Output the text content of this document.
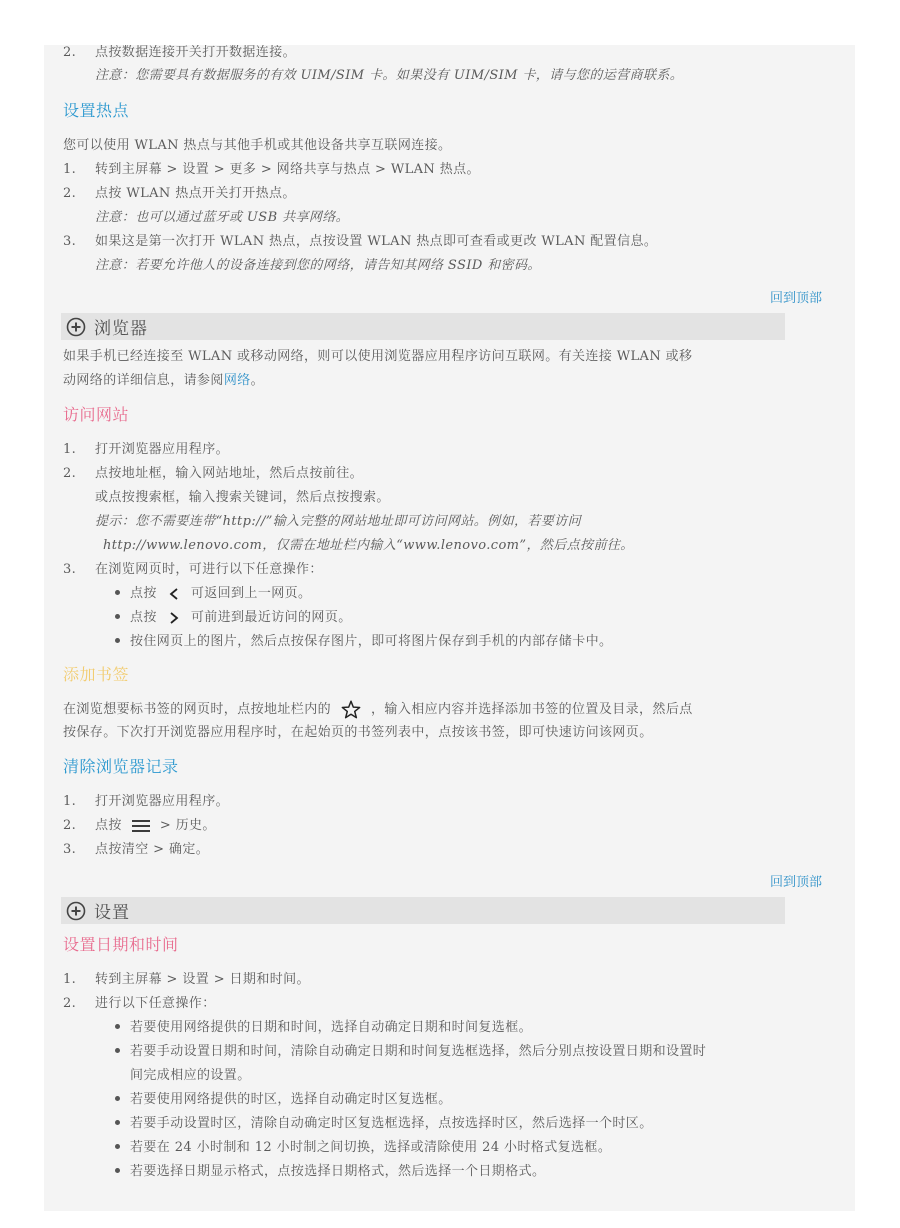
2. 点按数据连接开关打开数据连接。
注意：您需要具有数据服务的有效 UIM/SIM 卡。如果没有 UIM/SIM 卡，请与您的运营商联系。
设置热点
您可以使用 WLAN 热点与其他手机或其他设备共享互联网连接。
1. 转到主屏幕 > 设置 > 更多 > 网络共享与热点 > WLAN 热点。
2. 点按 WLAN 热点开关打开热点。
注意：也可以通过蓝牙或 USB 共享网络。
3. 如果这是第一次打开 WLAN 热点，点按设置 WLAN 热点即可查看或更改 WLAN 配置信息。
注意：若要允许他人的设备连接到您的网络，请告知其网络 SSID 和密码。
回到顶部
浏览器
如果手机已经连接至 WLAN 或移动网络，则可以使用浏览器应用程序访问互联网。有关连接 WLAN 或移
动网络的详细信息，请参阅网络。
访问网站
1. 打开浏览器应用程序。
2. 点按地址框，输入网站地址，然后点按前往。
或点按搜索框，输入搜索关键词，然后点按搜索。
提示：您不需要连带“http://”输入完整的网站地址即可访问网站。例如，若要访问
http://www.lenovo.com，仅需在地址栏内输入“www.lenovo.com”，然后点按前往。
3. 在浏览网页时，可进行以下任意操作：
点按	可返回到上一网页。
点按	可前进到最近访问的网页。
按住网页上的图片，然后点按保存图片，即可将图片保存到手机的内部存储卡中。
添加书签
在浏览想要标书签的网页时，点按地址栏内的	，输入相应内容并选择添加书签的位置及目录，然后点
按保存。下次打开浏览器应用程序时，在起始页的书签列表中，点按该书签，即可快速访问该网页。
清除浏览器记录
1. 打开浏览器应用程序。
2. 点按	> 历史。
3. 点按清空 > 确定。
回到顶部
设置
设置日期和时间
1. 转到主屏幕 > 设置 > 日期和时间。
2. 进行以下任意操作：
若要使用网络提供的日期和时间，选择自动确定日期和时间复选框。
若要手动设置日期和时间，清除自动确定日期和时间复选框选择，然后分别点按设置日期和设置时
间完成相应的设置。
若要使用网络提供的时区，选择自动确定时区复选框。
若要手动设置时区，清除自动确定时区复选框选择，点按选择时区，然后选择一个时区。
若要在 24 小时制和 12 小时制之间切换，选择或清除使用 24 小时格式复选框。
若要选择日期显示格式，点按选择日期格式，然后选择一个日期格式。
